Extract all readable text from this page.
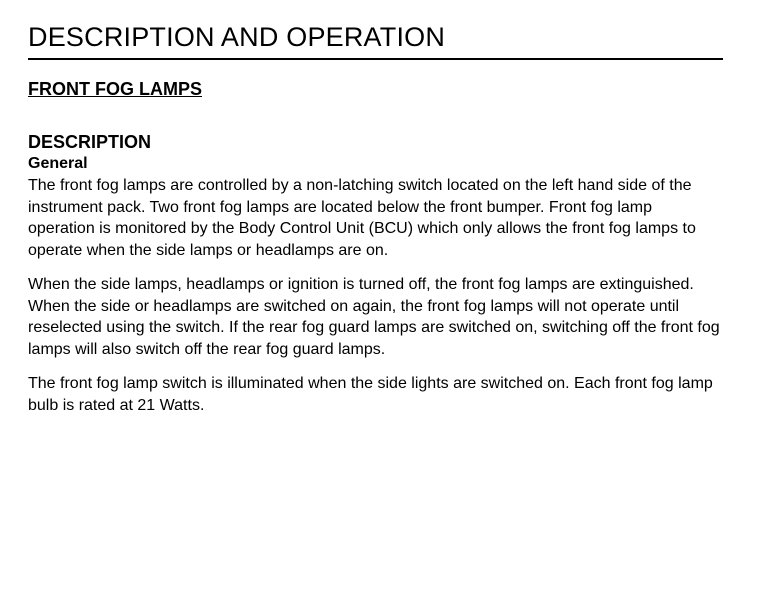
DESCRIPTION AND OPERATION
FRONT FOG LAMPS
DESCRIPTION
General

The front fog lamps are controlled by a non-latching switch located on the left hand side of the instrument pack. Two front fog lamps are located below the front bumper. Front fog lamp operation is monitored by the Body Control Unit (BCU) which only allows the front fog lamps to operate when the side lamps or headlamps are on.

When the side lamps, headlamps or ignition is turned off, the front fog lamps are extinguished. When the side or headlamps are switched on again, the front fog lamps will not operate until reselected using the switch. If the rear fog guard lamps are switched on, switching off the front fog lamps will also switch off the rear fog guard lamps.

The front fog lamp switch is illuminated when the side lights are switched on. Each front fog lamp bulb is rated at 21 Watts.
